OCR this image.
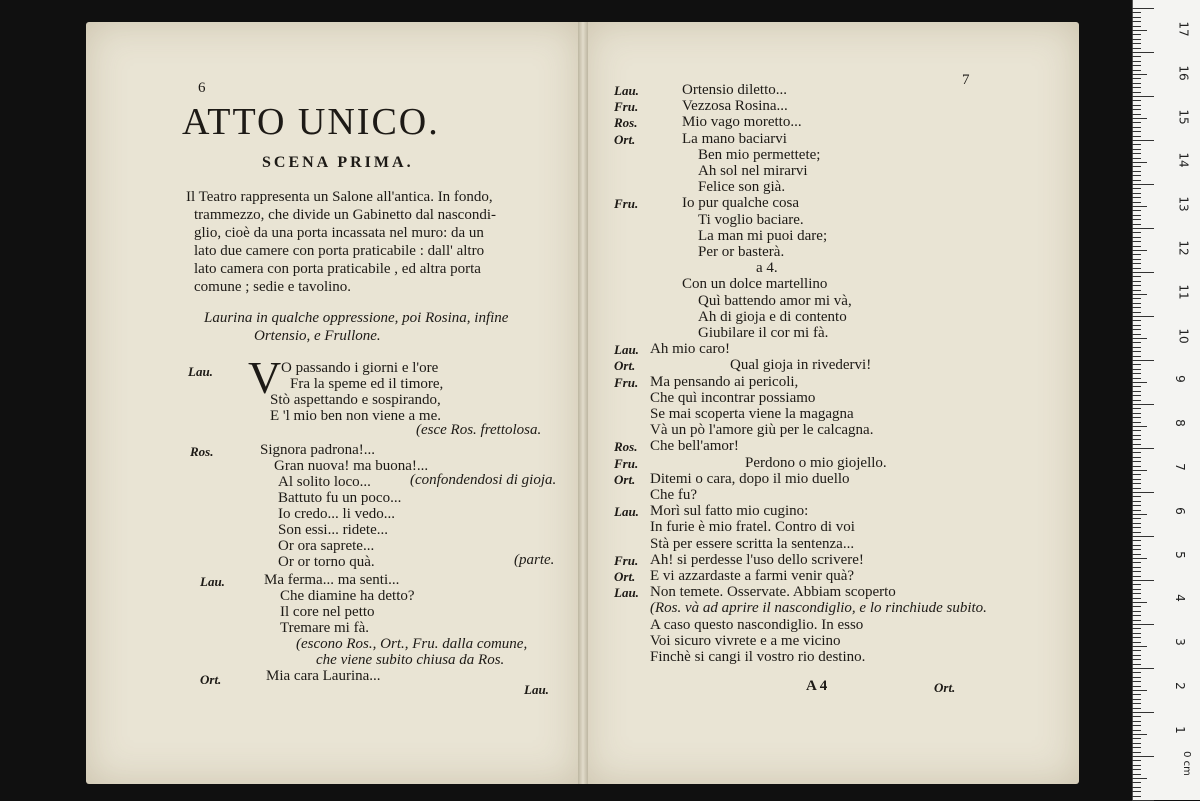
6
ATTO UNICO.
SCENA PRIMA.
Il Teatro rappresenta un Salone all'antica. In fondo,
trammezzo, che divide un Gabinetto dal nascondi-
glio, cioè da una porta incassata nel muro: da un
lato due camere con porta praticabile : dall' altro
lato camera con porta praticabile , ed altra porta
comune ; sedie e tavolino.
Laurina in qualche oppressione, poi Rosina, infine
Ortensio, e Frullone.
Lau. V O passando i giorni e l'ore
Fra la speme ed il timore,
Stò aspettando e sospirando,
E 'l mio ben non viene a me.
(esce Ros. frettolosa.
Ros.	Signora padrona!...
Gran nuova! ma buona!...
Al solito loco...	(confondendosi di gioja.
Battuto fu un poco...
Io credo... li vedo...
Son essi... ridete...
Or ora saprete...
Or or torno quà.	(parte.
Lau.	Ma ferma... ma senti...
Che diamine ha detto?
Il core nel petto
Tremare mi fà.
(escono Ros., Ort., Fru. dalla comune,
che viene subito chiusa da Ros.
Ort.	Mia cara Laurina...
Lau.
Lau.	Ortensio diletto...
Fru.	Vezzosa Rosina...
Ros.	Mio vago moretto...
Ort.	La mano baciarvi
Ben mio permettete;
Ah sol nel mirarvi
Felice son già.
Fru.	Io pur qualche cosa
Ti voglio baciare.
La man mi puoi dare;
Per or basterà.
a 4.
Con un dolce martellino
Quì battendo amor mi và,
Ah di gioja e di contento
Giubilare il cor mi fà.
Lau. Ah mio caro!
Ort.	Qual gioja in rivedervi!
Fru. Ma pensando ai pericoli,
Che quì incontrar possiamo
Se mai scoperta viene la magagna
Và un pò l'amore giù per le calcagna.
Ros. Che bell'amor!
Fru.	Perdono o mio giojello.
Ort. Ditemi o cara, dopo il mio duello
Che fu?
Lau. Morì sul fatto mio cugino:
In furie è mio fratel. Contro di voi
Stà per essere scritta la sentenza...
Fru. Ah! si perdesse l'uso dello scrivere!
Ort. E vi azzardaste a farmi venir quà?
Lau. Non temete. Osservate. Abbiam scoperto
(Ros. và ad aprire il nascondiglio, e lo rinchiude subito.
A caso questo nascondiglio. In esso
Voi sicuro vivrete e a me vicino
Finchè si cangi il vostro rio destino.
7
A 4	Ort.
17
16
15
14
13
12
11
10
9
8
7
6
5
4
3
2
1
0 cm
